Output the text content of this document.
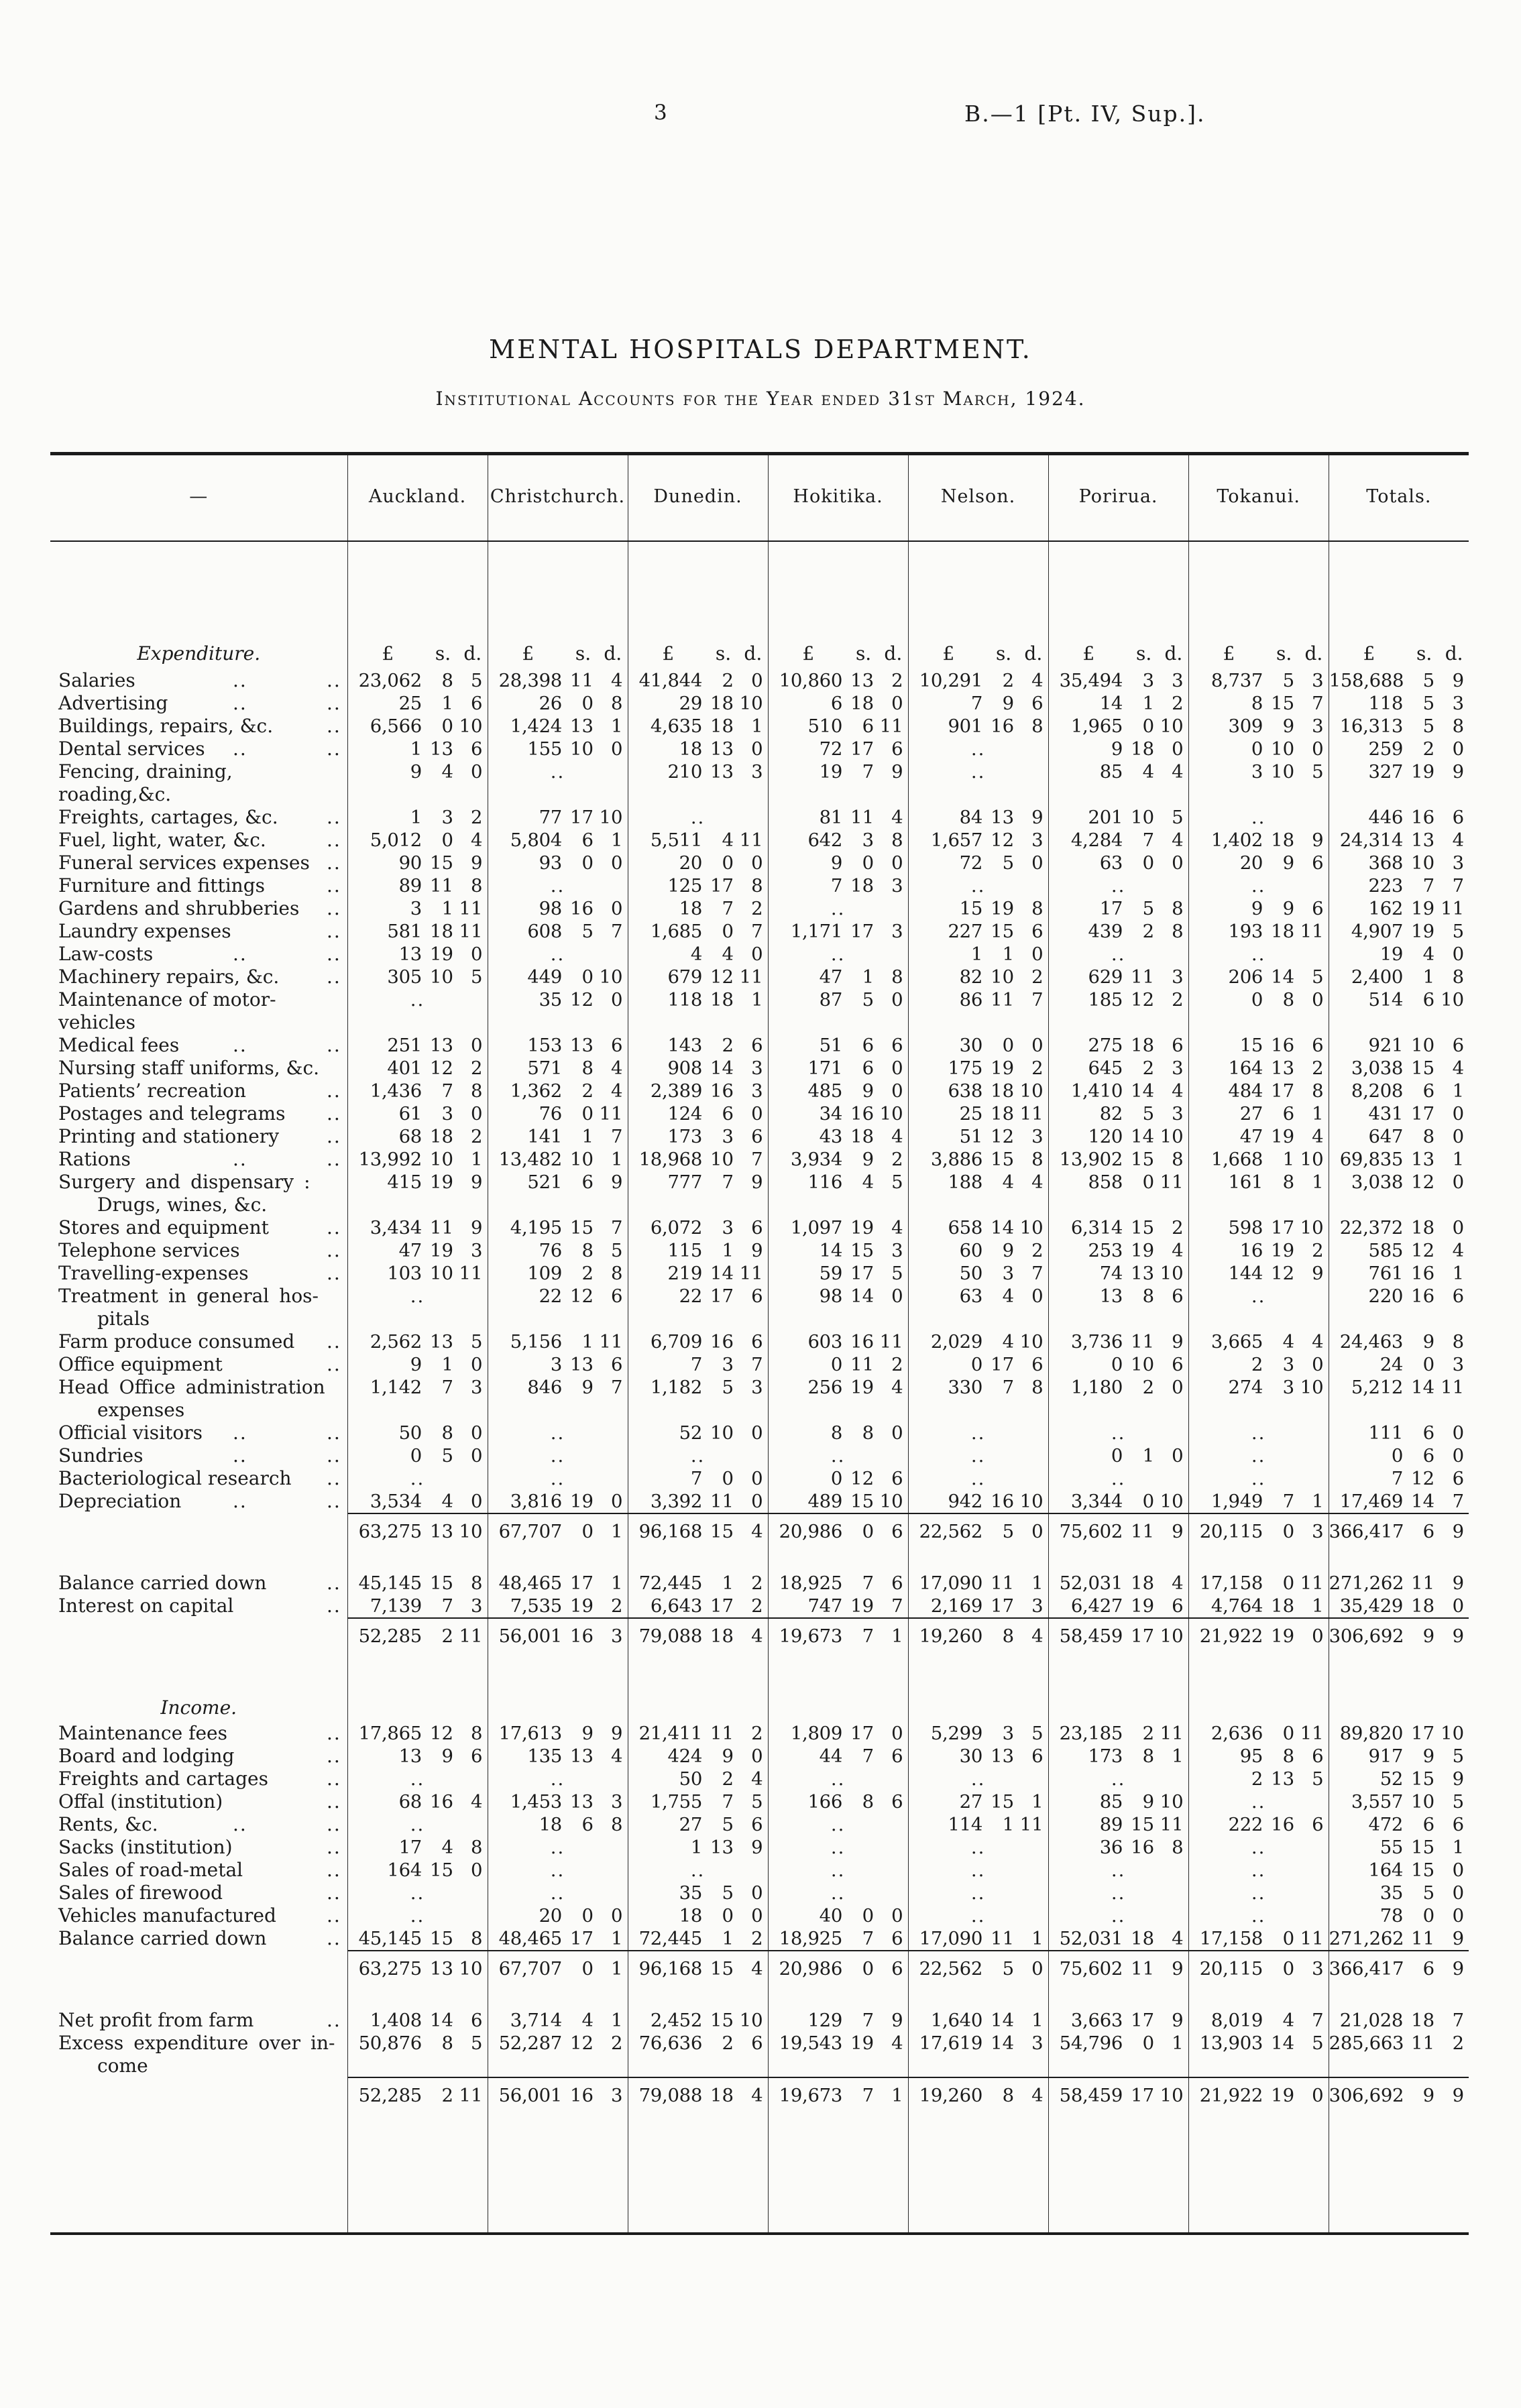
3	B.—1 [Pt. IV, Sup.].
MENTAL HOSPITALS DEPARTMENT.
Institutional Accounts for the Year ended 31st March, 1924.
—	Auckland.			Christchurch.			Dunedin.			Hokitika.			Nelson.			Porirua.			Tokanui.			Totals.		
Expenditure.	£	s.	d.	£	s.	d.	£	s.	d.	£	s.	d.	£	s.	d.	£	s.	d.	£	s.	d.	£	s.	d.

Salaries .. ..	23,062	8	5	28,398	11	4	41,844	2	0	10,860	13	2	10,291	2	4	35,494	3	3	8,737	5	3	158,688	5	9

Advertising .. ..	25	1	6	26	0	8	29	18	10	6	18	0	7	9	6	14	1	2	8	15	7	118	5	3

Buildings, repairs, &c. ..	6,566	0	10	1,424	13	1	4,635	18	1	510	6	11	901	16	8	1,965	0	10	309	9	3	16,313	5	8

Dental services .. ..	1	13	6	155	10	0	18	13	0	72	17	6	..			9	18	0	0	10	0	259	2	0

Fencing, draining, roading,&c.	9	4	0	..			210	13	3	19	7	9	..			85	4	4	3	10	5	327	19	9

Freights, cartages, &c. ..	1	3	2	77	17	10	..			81	11	4	84	13	9	201	10	5	..			446	16	6

Fuel, light, water, &c. ..	5,012	0	4	5,804	6	1	5,511	4	11	642	3	8	1,657	12	3	4,284	7	4	1,402	18	9	24,314	13	4

Funeral services expenses ..	90	15	9	93	0	0	20	0	0	9	0	0	72	5	0	63	0	0	20	9	6	368	10	3

Furniture and fittings ..	89	11	8	..			125	17	8	7	18	3	..			..			..			223	7	7

Gardens and shrubberies ..	3	1	11	98	16	0	18	7	2	..			15	19	8	17	5	8	9	9	6	162	19	11

Laundry expenses ..	581	18	11	608	5	7	1,685	0	7	1,171	17	3	227	15	6	439	2	8	193	18	11	4,907	19	5

Law-costs .. ..	13	19	0	..			4	4	0	..			1	1	0	..			..			19	4	0

Machinery repairs, &c. ..	305	10	5	449	0	10	679	12	11	47	1	8	82	10	2	629	11	3	206	14	5	2,400	1	8

Maintenance of motor-vehicles	..			35	12	0	118	18	1	87	5	0	86	11	7	185	12	2	0	8	0	514	6	10

Medical fees .. ..	251	13	0	153	13	6	143	2	6	51	6	6	30	0	0	275	18	6	15	16	6	921	10	6

Nursing staff uniforms, &c.	401	12	2	571	8	4	908	14	3	171	6	0	175	19	2	645	2	3	164	13	2	3,038	15	4

Patients’ recreation ..	1,436	7	8	1,362	2	4	2,389	16	3	485	9	0	638	18	10	1,410	14	4	484	17	8	8,208	6	1

Postages and telegrams ..	61	3	0	76	0	11	124	6	0	34	16	10	25	18	11	82	5	3	27	6	1	431	17	0

Printing and stationery ..	68	18	2	141	1	7	173	3	6	43	18	4	51	12	3	120	14	10	47	19	4	647	8	0

Rations .. ..	13,992	10	1	13,482	10	1	18,968	10	7	3,934	9	2	3,886	15	8	13,902	15	8	1,668	1	10	69,835	13	1

Surgery and dispensary :
Drugs, wines, &c.	415	19	9	521	6	9	777	7	9	116	4	5	188	4	4	858	0	11	161	8	1	3,038	12	0

Stores and equipment ..	3,434	11	9	4,195	15	7	6,072	3	6	1,097	19	4	658	14	10	6,314	15	2	598	17	10	22,372	18	0

Telephone services ..	47	19	3	76	8	5	115	1	9	14	15	3	60	9	2	253	19	4	16	19	2	585	12	4

Travelling-expenses ..	103	10	11	109	2	8	219	14	11	59	17	5	50	3	7	74	13	10	144	12	9	761	16	1

Treatment in general hos-
pitals	..			22	12	6	22	17	6	98	14	0	63	4	0	13	8	6	..			220	16	6

Farm produce consumed ..	2,562	13	5	5,156	1	11	6,709	16	6	603	16	11	2,029	4	10	3,736	11	9	3,665	4	4	24,463	9	8

Office equipment ..	9	1	0	3	13	6	7	3	7	0	11	2	0	17	6	0	10	6	2	3	0	24	0	3

Head Office administration
expenses	1,142	7	3	846	9	7	1,182	5	3	256	19	4	330	7	8	1,180	2	0	274	3	10	5,212	14	11

Official visitors .. ..	50	8	0	..			52	10	0	8	8	0	..			..			..			111	6	0

Sundries .. ..	0	5	0	..			..			..			..			0	1	0	..			0	6	0

Bacteriological research ..	..			..			7	0	0	0	12	6	..			..			..			7	12	6

Depreciation .. ..	3,534	4	0	3,816	19	0	3,392	11	0	489	15	10	942	16	10	3,344	0	10	1,949	7	1	17,469	14	7
	63,275	13	10	67,707	0	1	96,168	15	4	20,986	0	6	22,562	5	0	75,602	11	9	20,115	0	3	366,417	6	9

Balance carried down ..	45,145	15	8	48,465	17	1	72,445	1	2	18,925	7	6	17,090	11	1	52,031	18	4	17,158	0	11	271,262	11	9

Interest on capital ..	7,139	7	3	7,535	19	2	6,643	17	2	747	19	7	2,169	17	3	6,427	19	6	4,764	18	1	35,429	18	0
	52,285	2	11	56,001	16	3	79,088	18	4	19,673	7	1	19,260	8	4	58,459	17	10	21,922	19	0	306,692	9	9

Income.																								

Maintenance fees ..	17,865	12	8	17,613	9	9	21,411	11	2	1,809	17	0	5,299	3	5	23,185	2	11	2,636	0	11	89,820	17	10

Board and lodging ..	13	9	6	135	13	4	424	9	0	44	7	6	30	13	6	173	8	1	95	8	6	917	9	5

Freights and cartages ..	..			..			50	2	4	..			..			..			2	13	5	52	15	9

Offal (institution) ..	68	16	4	1,453	13	3	1,755	7	5	166	8	6	27	15	1	85	9	10	..			3,557	10	5

Rents, &c. .. ..	..			18	6	8	27	5	6	..			114	1	11	89	15	11	222	16	6	472	6	6

Sacks (institution) ..	17	4	8	..			1	13	9	..			..			36	16	8	..			55	15	1

Sales of road-metal ..	164	15	0	..			..			..			..			..			..			164	15	0

Sales of firewood ..	..			..			35	5	0	..			..			..			..			35	5	0

Vehicles manufactured ..	..			20	0	0	18	0	0	40	0	0	..			..			..			78	0	0

Balance carried down ..	45,145	15	8	48,465	17	1	72,445	1	2	18,925	7	6	17,090	11	1	52,031	18	4	17,158	0	11	271,262	11	9
	63,275	13	10	67,707	0	1	96,168	15	4	20,986	0	6	22,562	5	0	75,602	11	9	20,115	0	3	366,417	6	9

Net profit from farm ..	1,408	14	6	3,714	4	1	2,452	15	10	129	7	9	1,640	14	1	3,663	17	9	8,019	4	7	21,028	18	7

Excess expenditure over in-
come	50,876	8	5	52,287	12	2	76,636	2	6	19,543	19	4	17,619	14	3	54,796	0	1	13,903	14	5	285,663	11	2
	52,285	2	11	56,001	16	3	79,088	18	4	19,673	7	1	19,260	8	4	58,459	17	10	21,922	19	0	306,692	9	9
